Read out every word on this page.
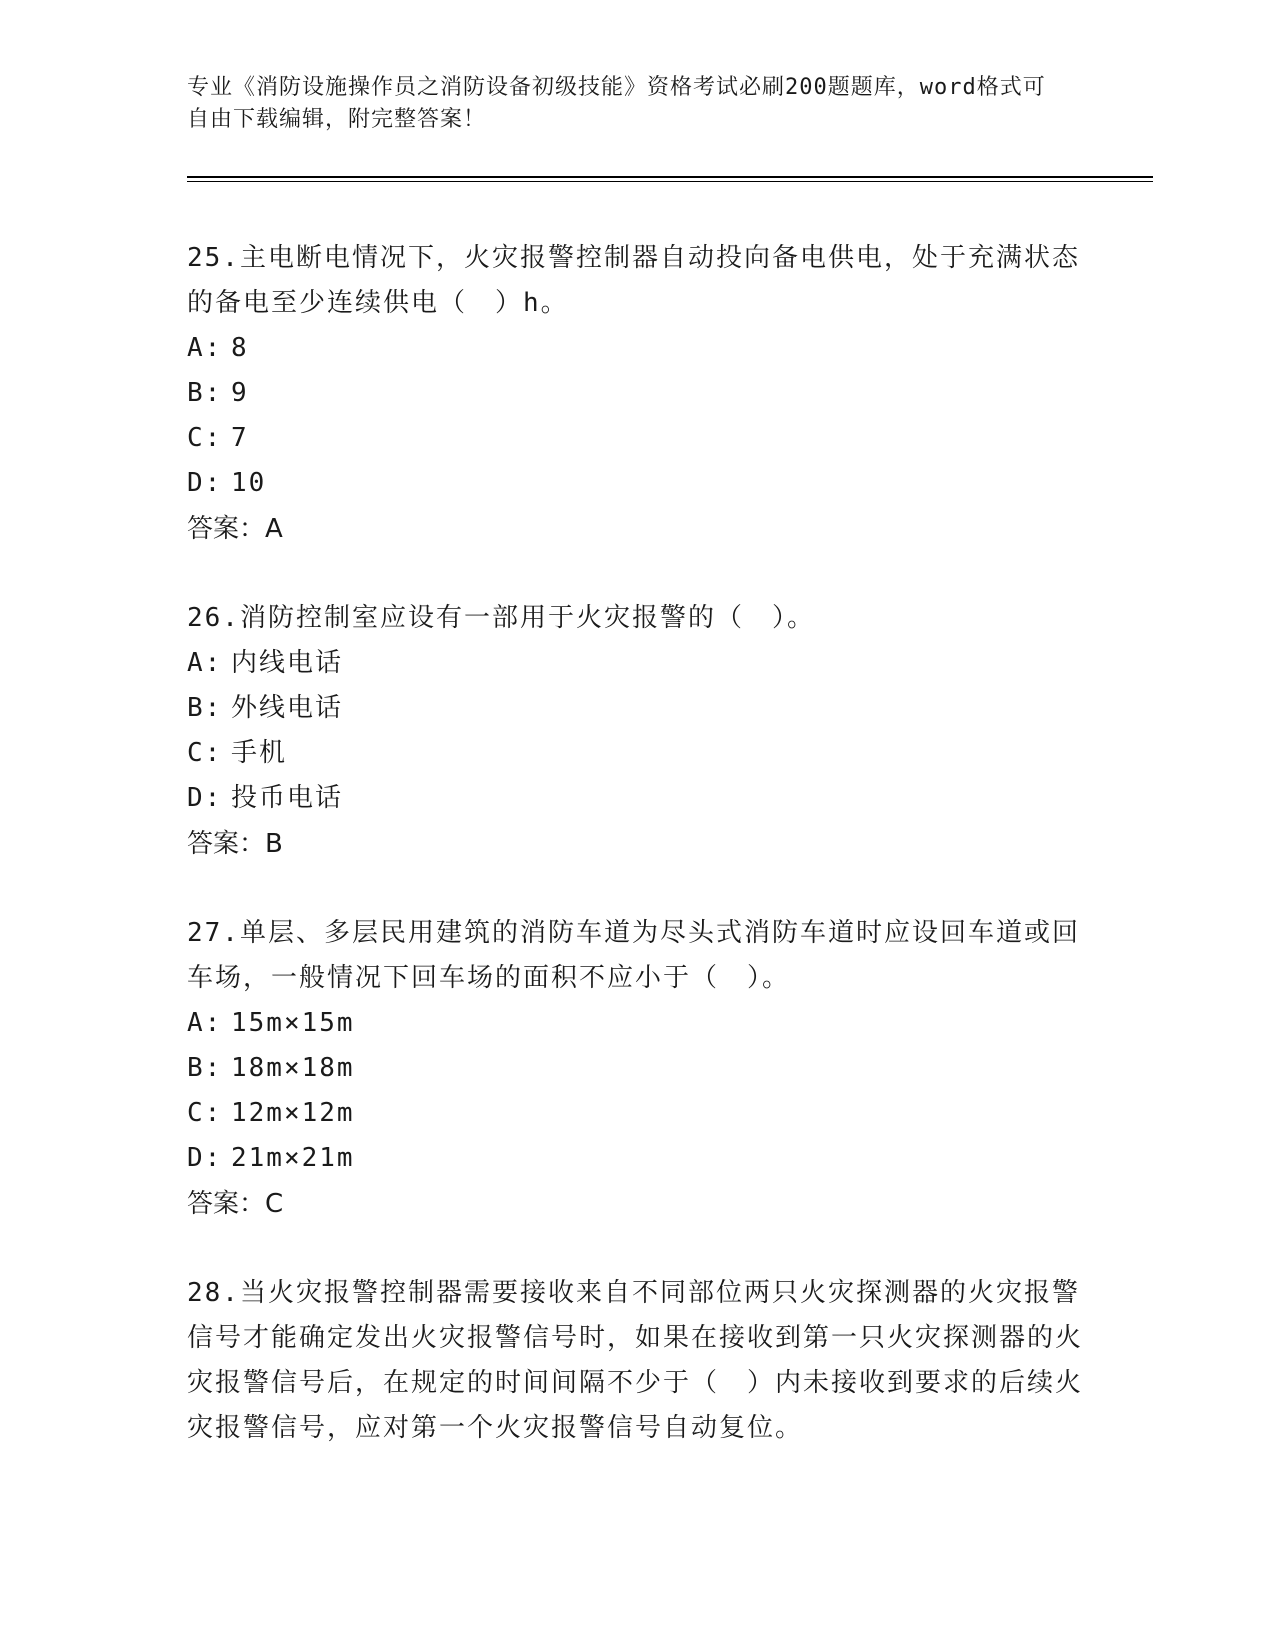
专业《消防设施操作员之消防设备初级技能》资格考试必刷200题题库，word格式可自由下载编辑，附完整答案！

25.主电断电情况下，火灾报警控制器自动投向备电供电，处于充满状态的备电至少连续供电（　）h。

A: 8

B: 9

C: 7

D: 10

答案：A

26.消防控制室应设有一部用于火灾报警的（　）。

A: 内线电话

B: 外线电话

C: 手机

D: 投币电话

答案：B

27.单层、多层民用建筑的消防车道为尽头式消防车道时应设回车道或回车场，一般情况下回车场的面积不应小于（　）。

A: 15m×15m

B: 18m×18m

C: 12m×12m

D: 21m×21m

答案：C

28.当火灾报警控制器需要接收来自不同部位两只火灾探测器的火灾报警信号才能确定发出火灾报警信号时，如果在接收到第一只火灾探测器的火灾报警信号后，在规定的时间间隔不少于（　）内未接收到要求的后续火灾报警信号，应对第一个火灾报警信号自动复位。
